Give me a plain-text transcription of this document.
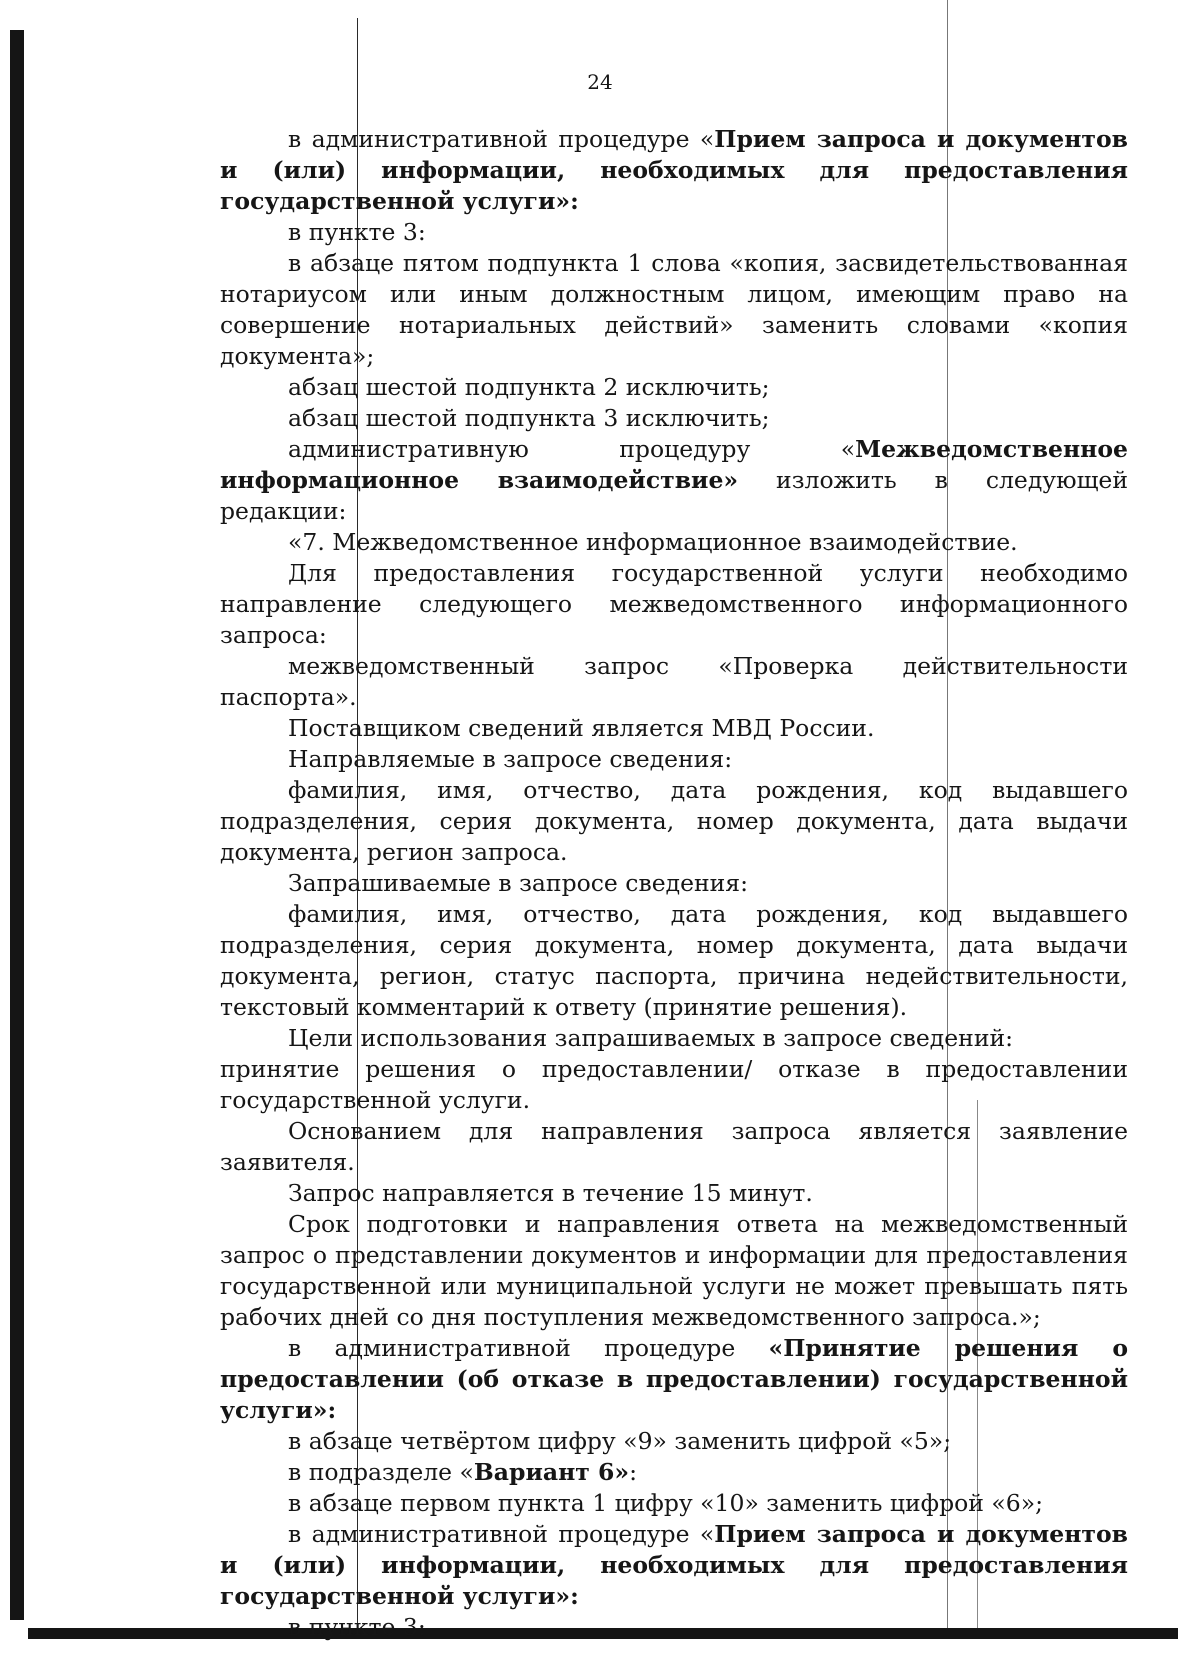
24

в административной процедуре «Прием запроса и документов и (или) информации, необходимых для предоставления государственной услуги»:

в пункте 3:

в абзаце пятом подпункта 1 слова «копия, засвидетельствованная нотариусом или иным должностным лицом, имеющим право на совершение нотариальных действий» заменить словами «копия документа»;

абзац шестой подпункта 2 исключить;

абзац шестой подпункта 3 исключить;

административную процедуру «Межведомственное информационное взаимодействие» изложить в следующей редакции:

«7. Межведомственное информационное взаимодействие.

Для предоставления государственной услуги необходимо направление следующего межведомственного информационного запроса:

межведомственный запрос «Проверка действительности паспорта».

Поставщиком сведений является МВД России.

Направляемые в запросе сведения:

фамилия, имя, отчество, дата рождения, код выдавшего подразделения, серия документа, номер документа, дата выдачи документа, регион запроса.

Запрашиваемые в запросе сведения:

фамилия, имя, отчество, дата рождения, код выдавшего подразделения, серия документа, номер документа, дата выдачи документа, регион, статус паспорта, причина недействительности, текстовый комментарий к ответу (принятие решения).

Цели использования запрашиваемых в запросе сведений:

принятие решения о предоставлении/ отказе в предоставлении государственной услуги.

Основанием для направления запроса является заявление заявителя.

Запрос направляется в течение 15 минут.

Срок подготовки и направления ответа на межведомственный запрос о представлении документов и информации для предоставления государственной или муниципальной услуги не может превышать пять рабочих дней со дня поступления межведомственного запроса.»;

в административной процедуре «Принятие решения о предоставлении (об отказе в предоставлении) государственной услуги»:

в абзаце четвёртом цифру «9» заменить цифрой «5»;

в подразделе «Вариант 6»:

в абзаце первом пункта 1 цифру «10» заменить цифрой «6»;

в административной процедуре «Прием запроса и документов и (или) информации, необходимых для предоставления государственной услуги»:

в пункте 3:
